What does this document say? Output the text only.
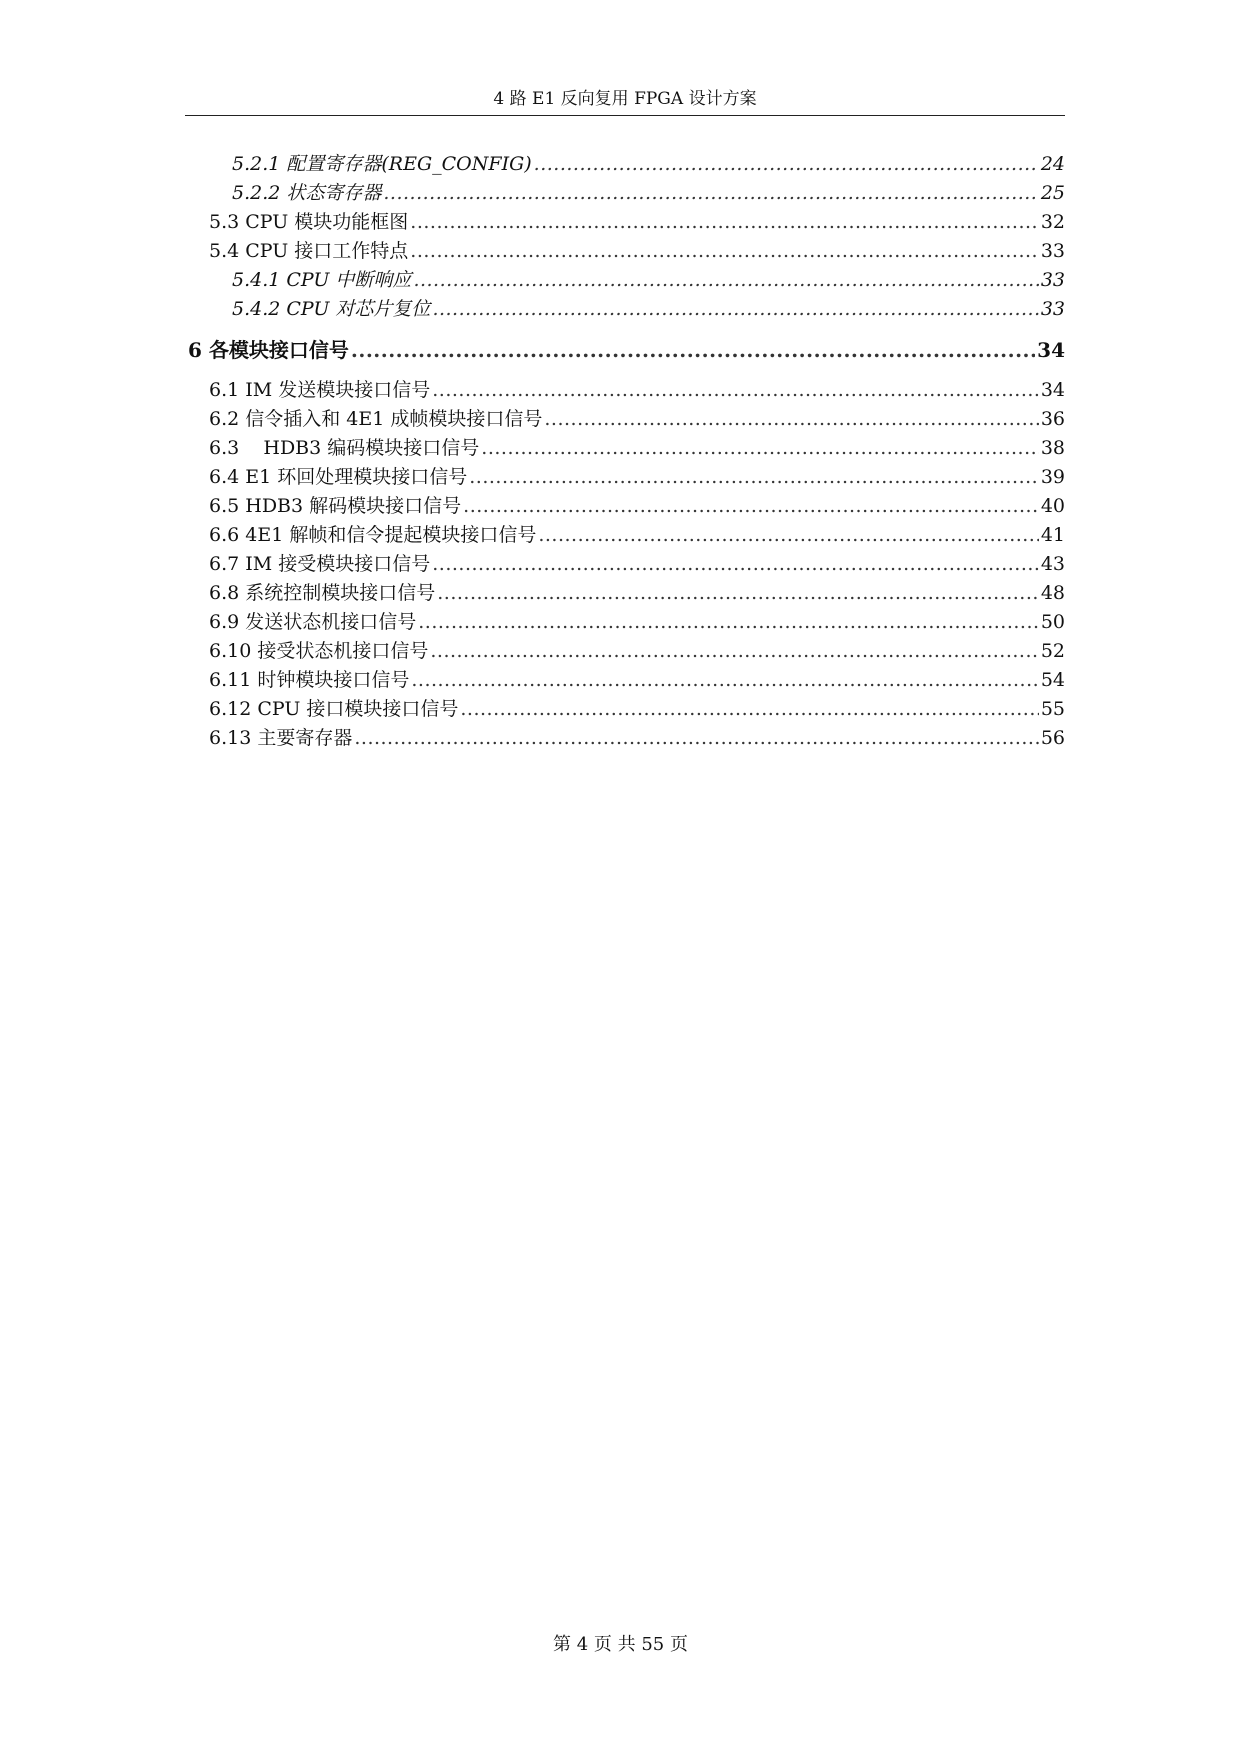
4 路 E1 反向复用 FPGA 设计方案
5.2.1 配置寄存器(REG_CONFIG) .....	24
5.2.2 状态寄存器 .....	25
5.3 CPU 模块功能框图 .....	32
5.4 CPU 接口工作特点 .....	33
5.4.1 CPU 中断响应 .....	33
5.4.2 CPU 对芯片复位 .....	33
6 各模块接口信号 .....	34
6.1 IM 发送模块接口信号 .....	34
6.2 信令插入和 4E1 成帧模块接口信号 .....	36
6.3    HDB3 编码模块接口信号 .....	38
6.4 E1 环回处理模块接口信号 .....	39
6.5 HDB3 解码模块接口信号 .....	40
6.6 4E1 解帧和信令提起模块接口信号 .....	41
6.7 IM 接受模块接口信号 .....	43
6.8 系统控制模块接口信号 .....	48
6.9 发送状态机接口信号 .....	50
6.10 接受状态机接口信号 .....	52
6.11 时钟模块接口信号 .....	54
6.12 CPU 接口模块接口信号 .....	55
6.13 主要寄存器 .....	56
第 4 页 共 55 页
